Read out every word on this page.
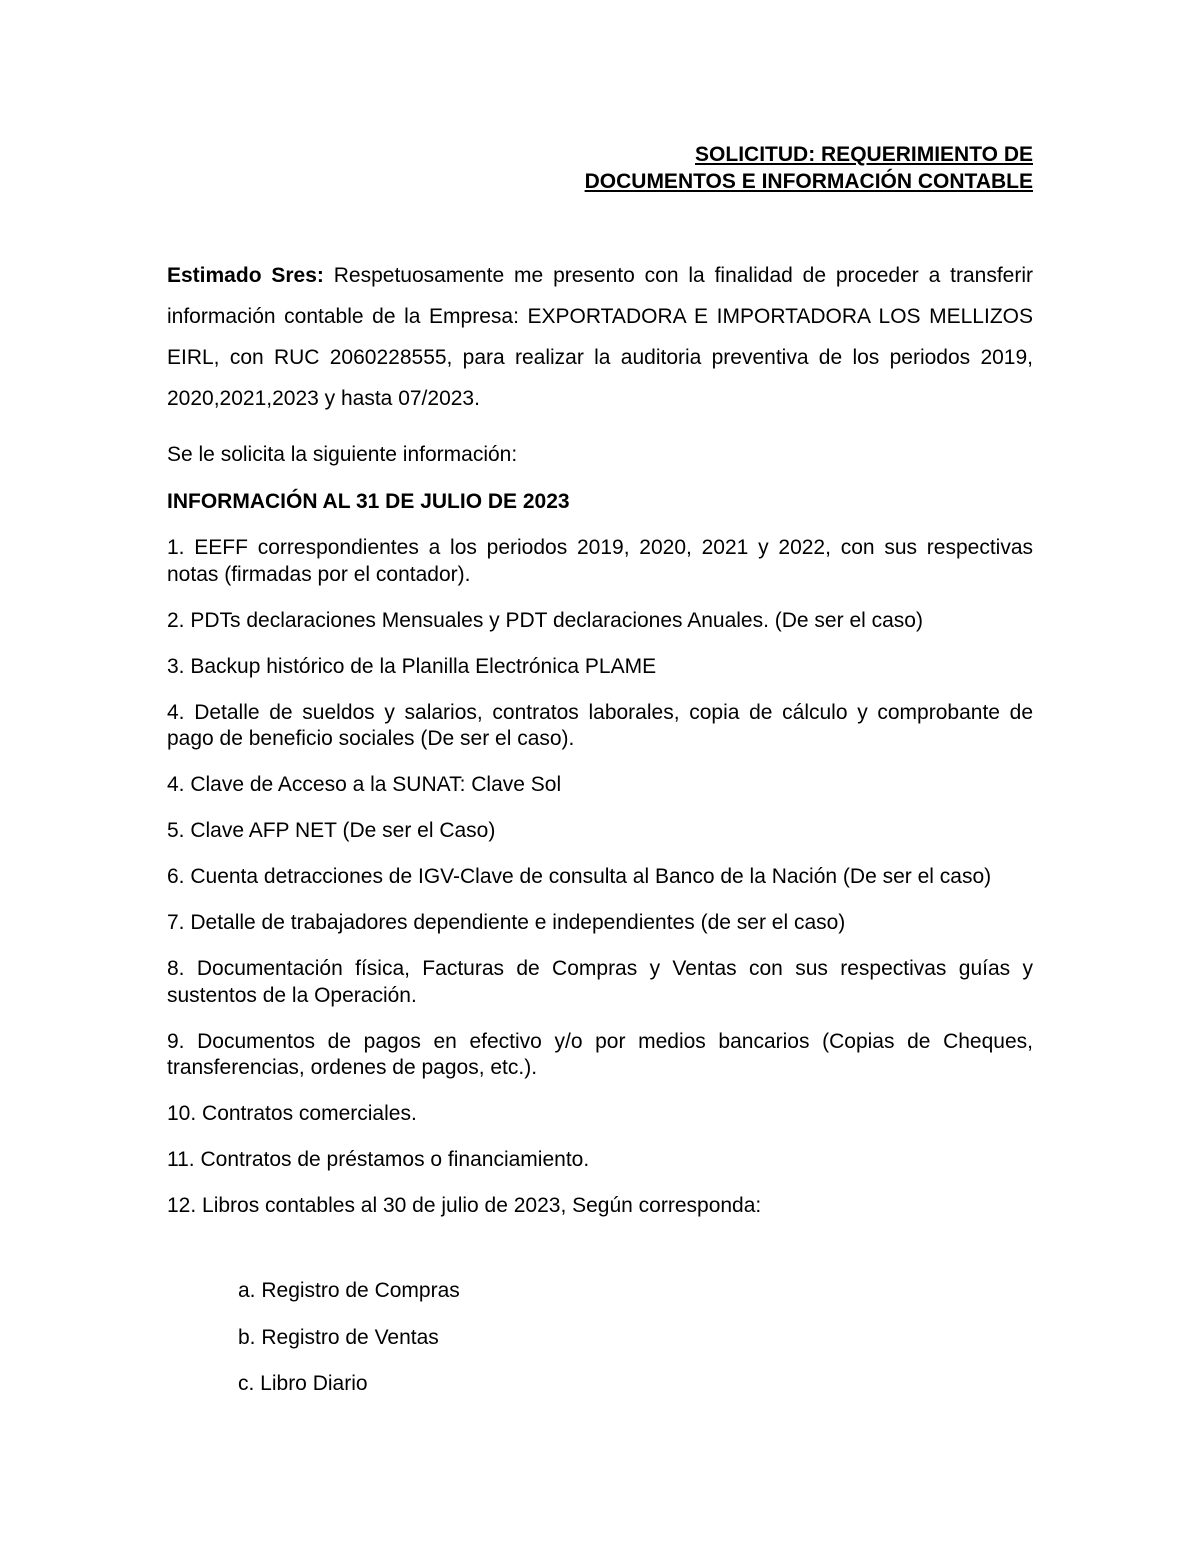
SOLICITUD: REQUERIMIENTO DE
DOCUMENTOS E INFORMACIÓN CONTABLE

Estimado Sres: Respetuosamente me presento con la finalidad de proceder a transferir información contable de la Empresa: EXPORTADORA E IMPORTADORA LOS MELLIZOS EIRL, con RUC 2060228555, para realizar la auditoria preventiva de los periodos 2019, 2020,2021,2023 y hasta 07/2023.

Se le solicita la siguiente información:

INFORMACIÓN AL 31 DE JULIO DE 2023

1. EEFF correspondientes a los periodos 2019, 2020, 2021 y 2022, con sus respectivas notas (firmadas por el contador).
2. PDTs declaraciones Mensuales y PDT declaraciones Anuales. (De ser el caso)
3. Backup histórico de la Planilla Electrónica PLAME
4. Detalle de sueldos y salarios, contratos laborales, copia de cálculo y comprobante de pago de beneficio sociales (De ser el caso).
4. Clave de Acceso a la SUNAT: Clave Sol
5. Clave AFP NET (De ser el Caso)
6. Cuenta detracciones de IGV-Clave de consulta al Banco de la Nación (De ser el caso)
7. Detalle de trabajadores dependiente e independientes (de ser el caso)
8. Documentación física, Facturas de Compras y Ventas con sus respectivas guías y sustentos de la Operación.
9. Documentos de pagos en efectivo y/o por medios bancarios (Copias de Cheques, transferencias, ordenes de pagos, etc.).
10. Contratos comerciales.
11. Contratos de préstamos o financiamiento.
12. Libros contables al 30 de julio de 2023, Según corresponda:
a. Registro de Compras
b. Registro de Ventas
c. Libro Diario
